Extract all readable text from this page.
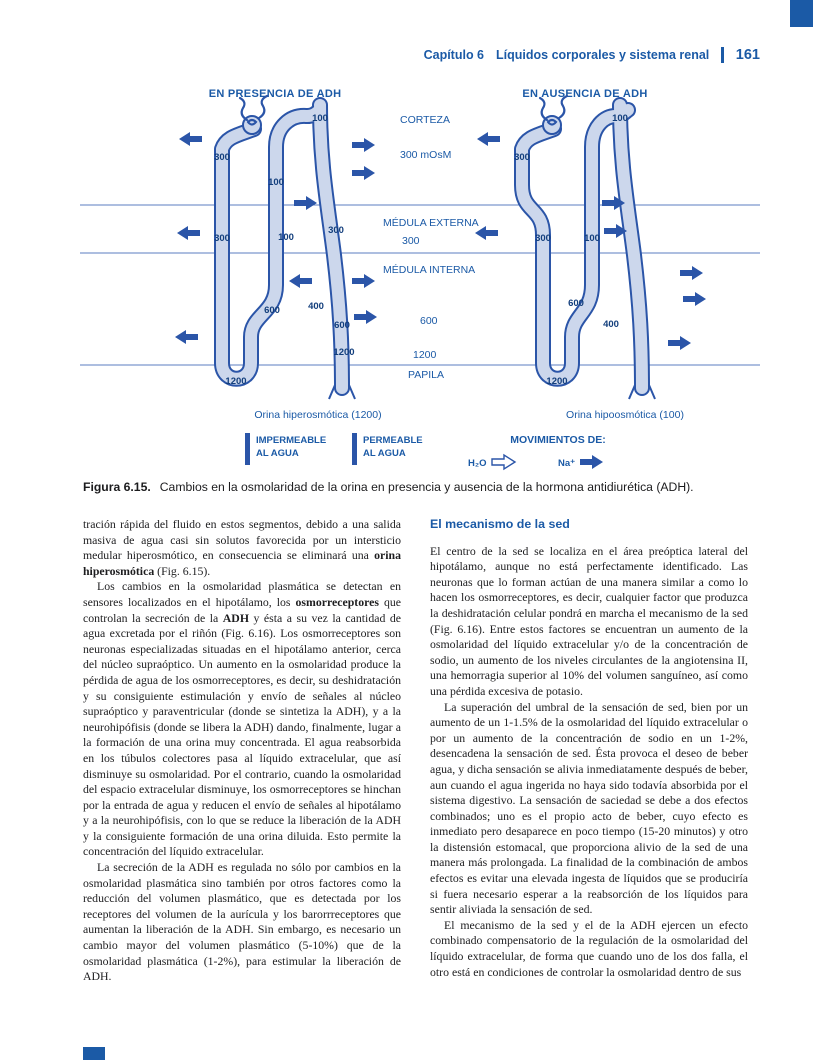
Capítulo 6 Líquidos corporales y sistema renal 161
EN PRESENCIA DE ADH
100
300
100
300	100
300
600	400
600
1200
1200
Orina hiperosmótica (1200)
CORTEZA
300 mOsM
MÉDULA EXTERNA
300
MÉDULA INTERNA
600
1200
PAPILA
EN AUSENCIA DE ADH
100
300
300	100
600
400
1200
Orina hipoosmótica (100)
IMPERMEABLE
AL AGUA
PERMEABLE
AL AGUA
MOVIMIENTOS DE:
H₂O	Na⁺
Figura 6.15. Cambios en la osmolaridad de la orina en presencia y ausencia de la hormona antidiurética (ADH).

tración rápida del fluido en estos segmentos, debido a una salida masiva de agua casi sin solutos favorecida por un intersticio medular hiperosmótico, en consecuencia se eliminará una orina hiperosmótica (Fig. 6.15).

Los cambios en la osmolaridad plasmática se detectan en sensores localizados en el hipotálamo, los osmorreceptores que controlan la secreción de la ADH y ésta a su vez la cantidad de agua excretada por el riñón (Fig. 6.16). Los osmorreceptores son neuronas especializadas situadas en el hipotálamo anterior, cerca del núcleo supraóptico. Un aumento en la osmolaridad produce la pérdida de agua de los osmorreceptores, es decir, su deshidratación y su consiguiente estimulación y envío de señales al núcleo supraóptico y paraventricular (donde se sintetiza la ADH), y a la neurohipófisis (donde se libera la ADH) dando, finalmente, lugar a la formación de una orina muy concentrada. El agua reabsorbida en los túbulos colectores pasa al líquido extracelular, que así disminuye su osmolaridad. Por el contrario, cuando la osmolaridad del espacio extracelular disminuye, los osmorreceptores se hinchan por la entrada de agua y reducen el envío de señales al hipotálamo y a la neurohipófisis, con lo que se reduce la liberación de la ADH y la consiguiente formación de una orina diluida. Esto permite la concentración del líquido extracelular.

La secreción de la ADH es regulada no sólo por cambios en la osmolaridad plasmática sino también por otros factores como la reducción del volumen plasmático, que es detectada por los receptores del volumen de la aurícula y los barorrreceptores que aumentan la liberación de la ADH. Sin embargo, es necesario un cambio mayor del volumen plasmático (5-10%) que de la osmolaridad plasmática (1-2%), para estimular la liberación de ADH.

El mecanismo de la sed

El centro de la sed se localiza en el área preóptica lateral del hipotálamo, aunque no está perfectamente identificado. Las neuronas que lo forman actúan de una manera similar a como lo hacen los osmorreceptores, es decir, cualquier factor que produzca la deshidratación celular pondrá en marcha el mecanismo de la sed (Fig. 6.16). Entre estos factores se encuentran un aumento de la osmolaridad del líquido extracelular y/o de la concentración de sodio, un aumento de los niveles circulantes de la angiotensina II, una hemorragia superior al 10% del volumen sanguíneo, así como una pérdida excesiva de potasio.

La superación del umbral de la sensación de sed, bien por un aumento de un 1-1.5% de la osmolaridad del líquido extracelular o por un aumento de la concentración de sodio en un 1-2%, desencadena la sensación de sed. Ésta provoca el deseo de beber agua, y dicha sensación se alivia inmediatamente después de beber, aun cuando el agua ingerida no haya sido todavía absorbida por el sistema digestivo. La sensación de saciedad se debe a dos efectos combinados; uno es el propio acto de beber, cuyo efecto es inmediato pero desaparece en poco tiempo (15-20 minutos) y otro la distensión estomacal, que proporciona alivio de la sed de una manera más prolongada. La finalidad de la combinación de ambos efectos es evitar una elevada ingesta de líquidos que se produciría si fuera necesario esperar a la reabsorción de los líquidos para sentir aliviada la sensación de sed.

El mecanismo de la sed y el de la ADH ejercen un efecto combinado compensatorio de la regulación de la osmolaridad del líquido extracelular, de forma que cuando uno de los dos falla, el otro está en condiciones de controlar la osmolaridad dentro de sus
